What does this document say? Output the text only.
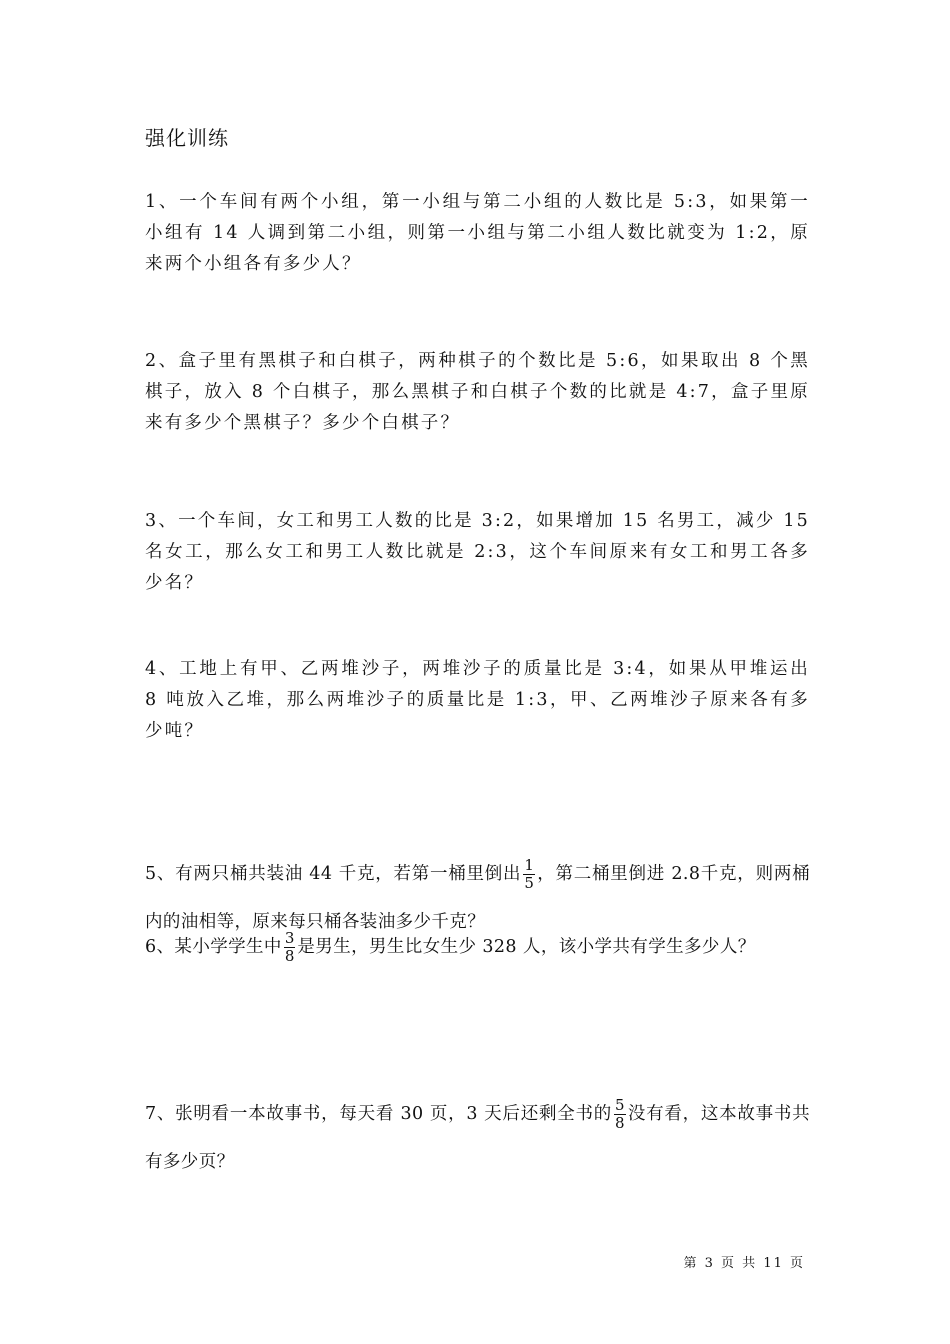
强化训练

1、一个车间有两个小组，第一小组与第二小组的人数比是 5:3，如果第一小组有 14 人调到第二小组，则第一小组与第二小组人数比就变为 1:2，原来两个小组各有多少人？

2、盒子里有黑棋子和白棋子，两种棋子的个数比是 5:6，如果取出 8 个黑棋子，放入 8 个白棋子，那么黑棋子和白棋子个数的比就是 4:7，盒子里原来有多少个黑棋子？多少个白棋子？

3、一个车间，女工和男工人数的比是 3:2，如果增加 15 名男工，减少 15 名女工，那么女工和男工人数比就是 2:3，这个车间原来有女工和男工各多少名？

4、工地上有甲、乙两堆沙子，两堆沙子的质量比是 3:4，如果从甲堆运出 8 吨放入乙堆，那么两堆沙子的质量比是 1:3，甲、乙两堆沙子原来各有多少吨？

5、有两只桶共装油 44 千克，若第一桶里倒出 $\frac{1}{5}$ ，第二桶里倒进 2.8千克，则两桶内的油相等，原来每只桶各装油多少千克？

6、某小学学生中 $\frac{3}{8}$ 是男生，男生比女生少 328 人，该小学共有学生多少人？

7、张明看一本故事书，每天看 30 页，3 天后还剩全书的 $\frac{5}{8}$ 没有看，这本故事书共有多少页？

第 3 页 共 11 页
